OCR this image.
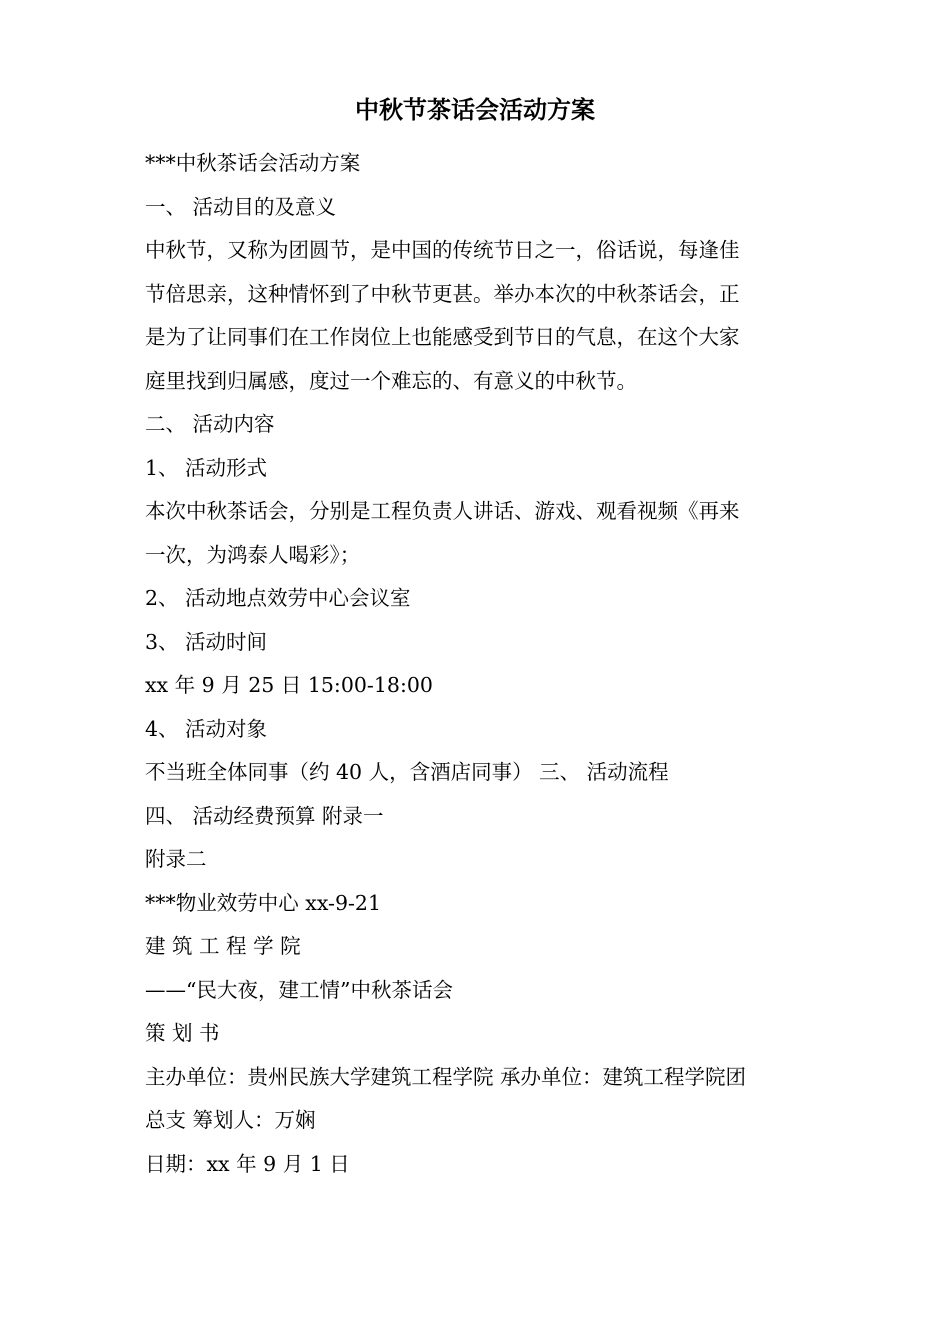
中秋节茶话会活动方案
***中秋茶话会活动方案
一、 活动目的及意义
中秋节，又称为团圆节，是中国的传统节日之一，俗话说，每逢佳
节倍思亲，这种情怀到了中秋节更甚。举办本次的中秋茶话会，正
是为了让同事们在工作岗位上也能感受到节日的气息，在这个大家
庭里找到归属感，度过一个难忘的、有意义的中秋节。
二、 活动内容
1、 活动形式
本次中秋茶话会，分别是工程负责人讲话、游戏、观看视频《再来
一次，为鸿泰人喝彩》；
2、 活动地点效劳中心会议室
3、 活动时间
xx 年 9 月 25 日 15:00-18:00
4、 活动对象
不当班全体同事（约 40 人，含酒店同事） 三、 活动流程
四、 活动经费预算 附录一
附录二
***物业效劳中心 xx-9-21
建 筑 工 程 学 院
——“民大夜，建工情”中秋茶话会
策 划 书
主办单位：贵州民族大学建筑工程学院 承办单位：建筑工程学院团
总支 筹划人：万娴
日期：xx 年 9 月 1 日
